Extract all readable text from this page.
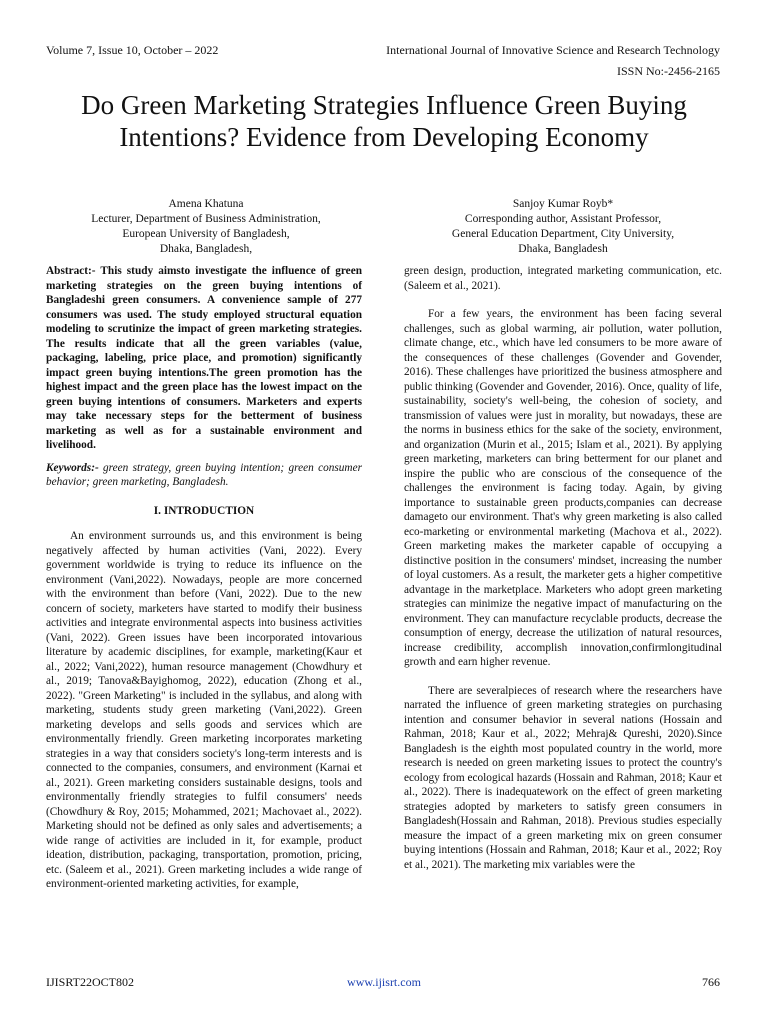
Volume 7, Issue 10, October – 2022	International Journal of Innovative Science and Research Technology
ISSN No:-2456-2165
Do Green Marketing Strategies Influence Green Buying Intentions? Evidence from Developing Economy
Amena Khatuna
Lecturer, Department of Business Administration,
European University of Bangladesh,
Dhaka, Bangladesh,
Sanjoy Kumar Royb*
Corresponding author, Assistant Professor,
General Education Department, City University,
Dhaka, Bangladesh

Abstract:- This study aimsto investigate the influence of green marketing strategies on the green buying intentions of Bangladeshi green consumers. A convenience sample of 277 consumers was used. The study employed structural equation modeling to scrutinize the impact of green marketing strategies. The results indicate that all the green variables (value, packaging, labeling, price place, and promotion) significantly impact green buying intentions.The green promotion has the highest impact and the green place has the lowest impact on the green buying intentions of consumers. Marketers and experts may take necessary steps for the betterment of business marketing as well as for a sustainable environment and livelihood.

Keywords:- green strategy, green buying intention; green consumer behavior; green marketing, Bangladesh.

I. INTRODUCTION

An environment surrounds us, and this environment is being negatively affected by human activities (Vani, 2022). Every government worldwide is trying to reduce its influence on the environment (Vani,2022). Nowadays, people are more concerned with the environment than before (Vani, 2022). Due to the new concern of society, marketers have started to modify their business activities and integrate environmental aspects into business activities (Vani, 2022). Green issues have been incorporated intovarious literature by academic disciplines, for example, marketing(Kaur et al., 2022; Vani,2022), human resource management (Chowdhury et al., 2019; Tanova&Bayighomog, 2022), education (Zhong et al., 2022). "Green Marketing" is included in the syllabus, and along with marketing, students study green marketing (Vani,2022). Green marketing develops and sells goods and services which are environmentally friendly. Green marketing incorporates marketing strategies in a way that considers society's long-term interests and is connected to the companies, consumers, and environment (Karnai et al., 2021). Green marketing considers sustainable designs, tools and environmentally friendly strategies to fulfil consumers' needs (Chowdhury & Roy, 2015; Mohammed, 2021; Machovaet al., 2022). Marketing should not be defined as only sales and advertisements; a wide range of activities are included in it, for example, product ideation, distribution, packaging, transportation, promotion, pricing, etc. (Saleem et al., 2021). Green marketing includes a wide range of environment-oriented marketing activities, for example,

green design, production, integrated marketing communication, etc. (Saleem et al., 2021).

For a few years, the environment has been facing several challenges, such as global warming, air pollution, water pollution, climate change, etc., which have led consumers to be more aware of the consequences of these challenges (Govender and Govender, 2016). These challenges have prioritized the business atmosphere and public thinking (Govender and Govender, 2016). Once, quality of life, sustainability, society's well-being, the cohesion of society, and transmission of values were just in morality, but nowadays, these are the norms in business ethics for the sake of the society, environment, and organization (Murin et al., 2015; Islam et al., 2021). By applying green marketing, marketers can bring betterment for our planet and inspire the public who are conscious of the consequence of the challenges the environment is facing today. Again, by giving importance to sustainable green products,companies can decrease damageto our environment. That's why green marketing is also called eco-marketing or environmental marketing (Machova et al., 2022). Green marketing makes the marketer capable of occupying a distinctive position in the consumers' mindset, increasing the number of loyal customers. As a result, the marketer gets a higher competitive advantage in the marketplace. Marketers who adopt green marketing strategies can minimize the negative impact of manufacturing on the environment. They can manufacture recyclable products, decrease the consumption of energy, decrease the utilization of natural resources, increase credibility, accomplish innovation,confirmlongitudinal growth and earn higher revenue.

There are severalpieces of research where the researchers have narrated the influence of green marketing strategies on purchasing intention and consumer behavior in several nations (Hossain and Rahman, 2018; Kaur et al., 2022; Mehraj& Qureshi, 2020).Since Bangladesh is the eighth most populated country in the world, more research is needed on green marketing issues to protect the country's ecology from ecological hazards (Hossain and Rahman, 2018; Kaur et al., 2022). There is inadequatework on the effect of green marketing strategies adopted by marketers to satisfy green consumers in Bangladesh(Hossain and Rahman, 2018). Previous studies especially measure the impact of a green marketing mix on green consumer buying intentions (Hossain and Rahman, 2018; Kaur et al., 2022; Roy et al., 2021). The marketing mix variables were the

IJISRT22OCT802	www.ijisrt.com	766
